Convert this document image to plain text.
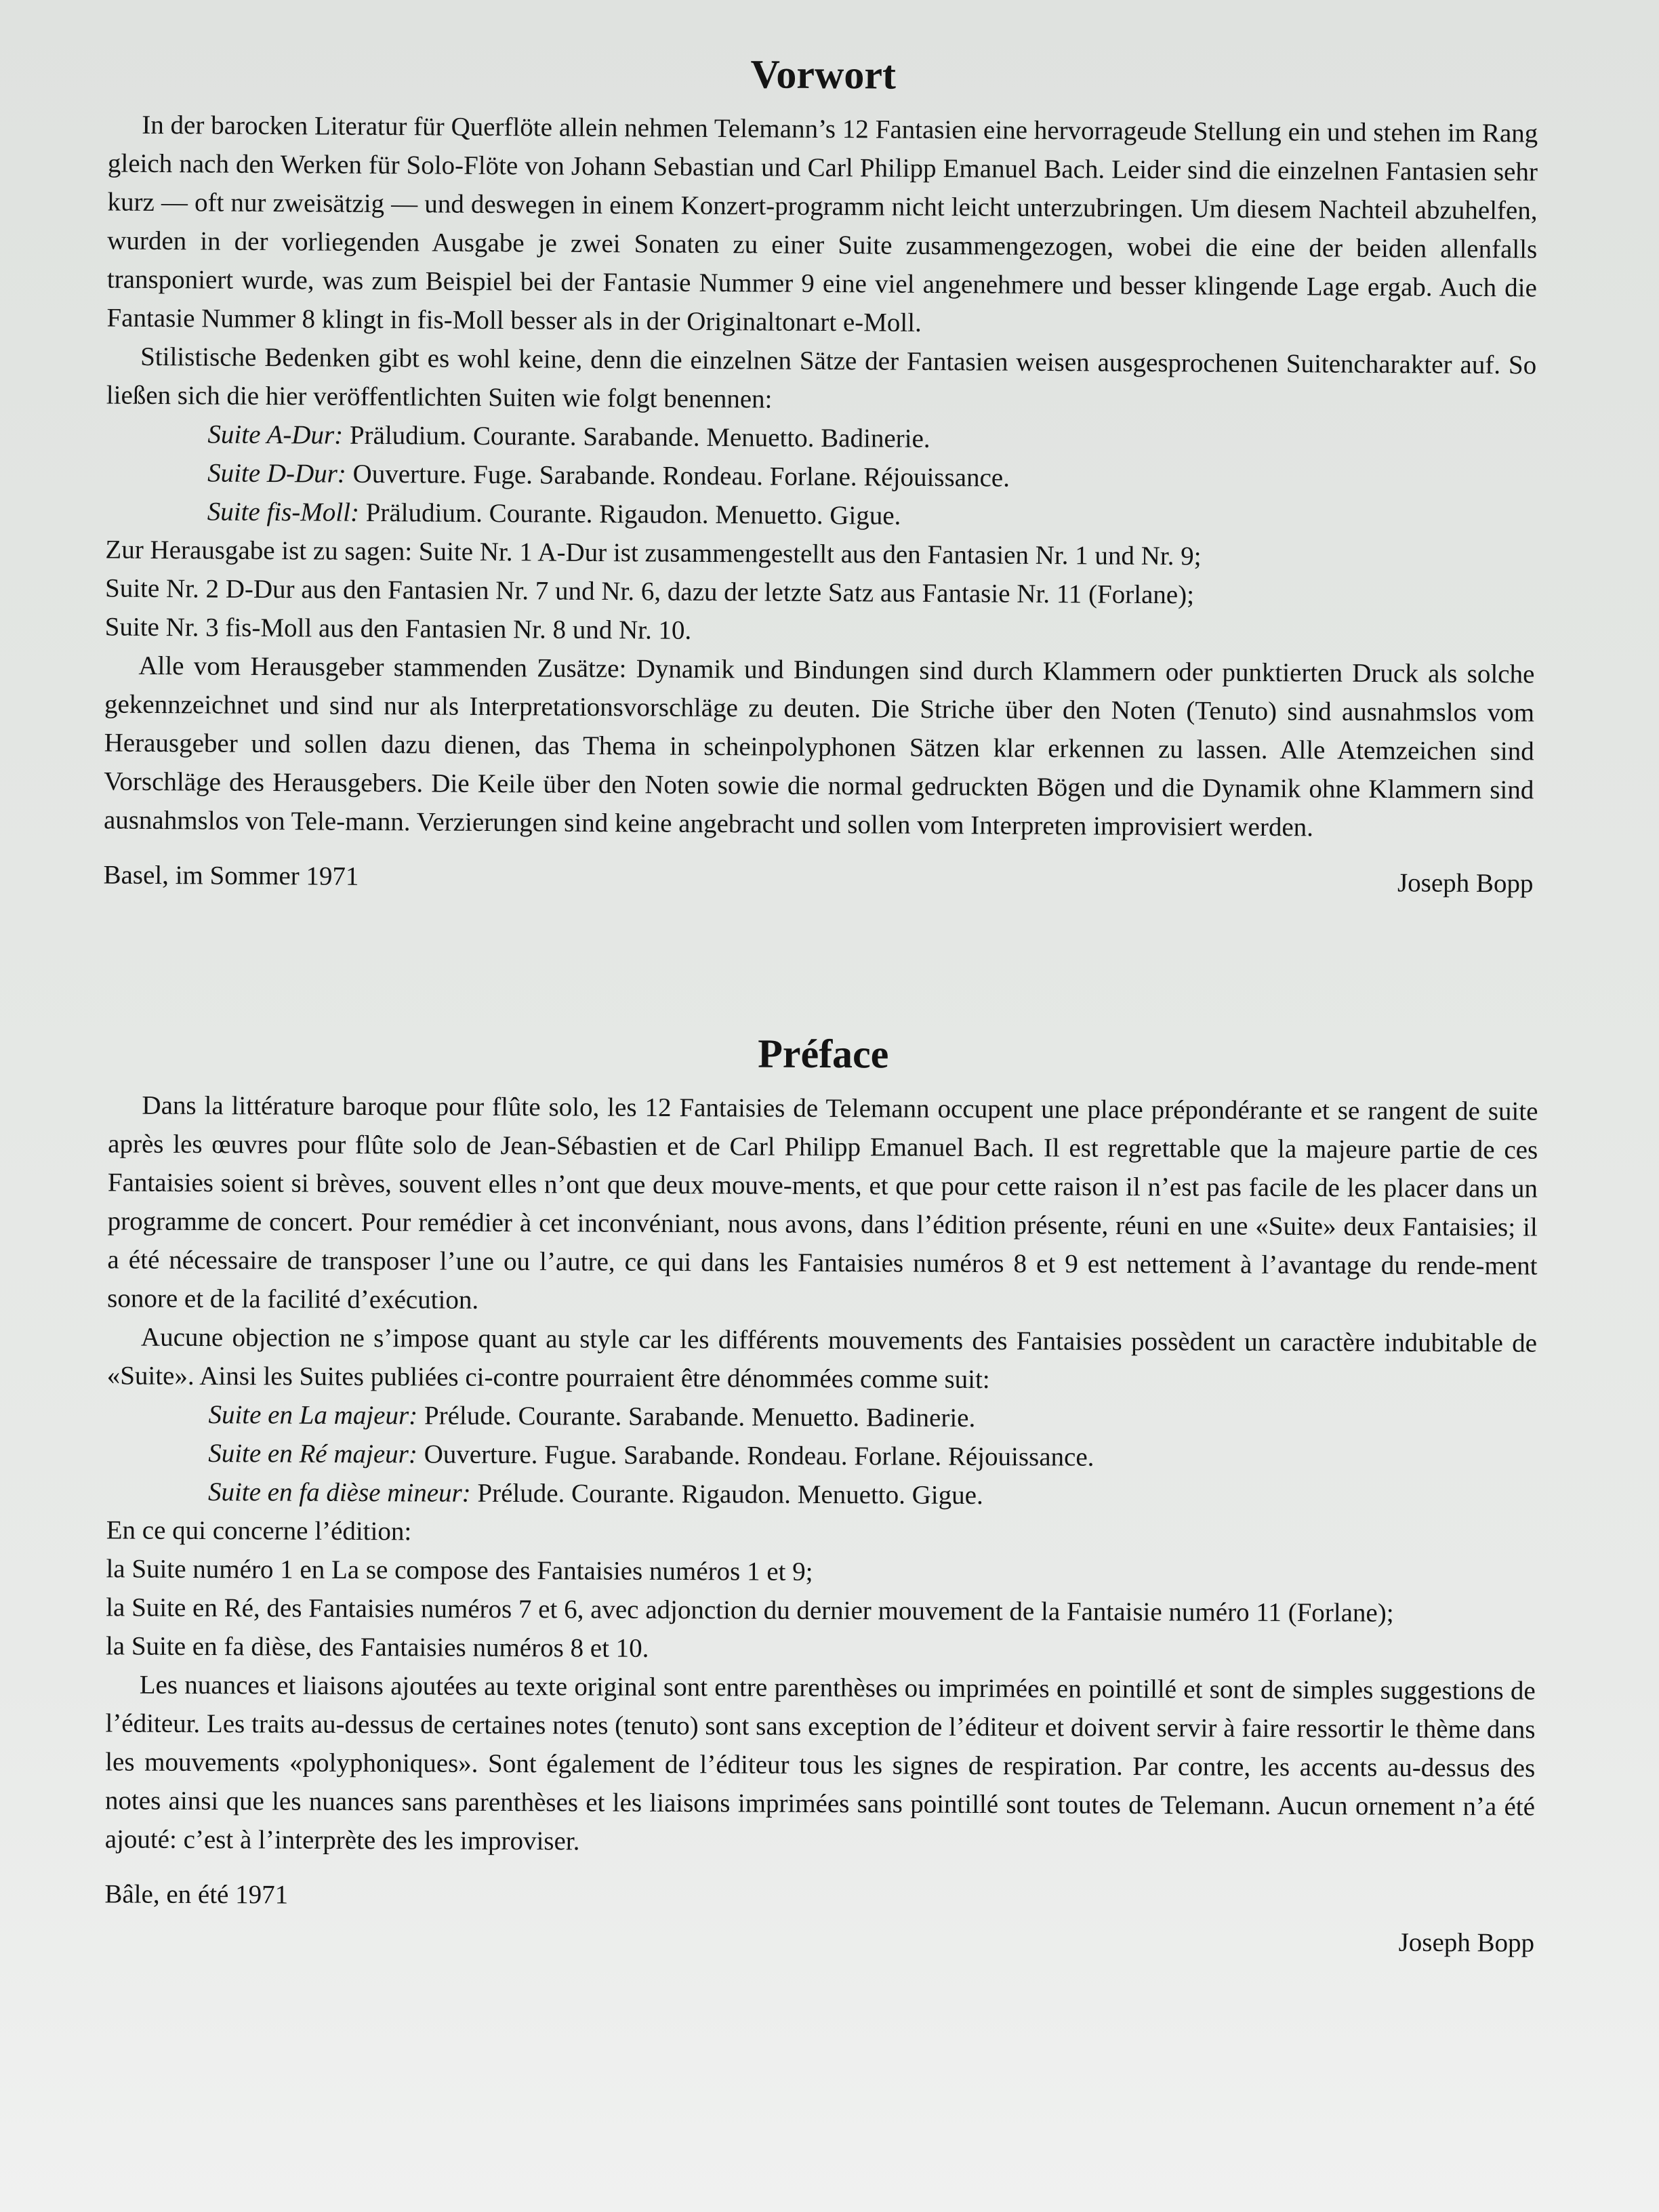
Vorwort

In der barocken Literatur für Querflöte allein nehmen Telemann’s 12 Fantasien eine hervorrageude Stellung ein und stehen im Rang gleich nach den Werken für Solo-Flöte von Johann Sebastian und Carl Philipp Emanuel Bach. Leider sind die einzelnen Fantasien sehr kurz — oft nur zweisätzig — und deswegen in einem Konzert-programm nicht leicht unterzubringen. Um diesem Nachteil abzuhelfen, wurden in der vorliegenden Ausgabe je zwei Sonaten zu einer Suite zusammengezogen, wobei die eine der beiden allenfalls transponiert wurde, was zum Beispiel bei der Fantasie Nummer 9 eine viel angenehmere und besser klingende Lage ergab. Auch die Fantasie Nummer 8 klingt in fis-Moll besser als in der Originaltonart e-Moll.

Stilistische Bedenken gibt es wohl keine, denn die einzelnen Sätze der Fantasien weisen ausgesprochenen Suitencharakter auf. So ließen sich die hier veröffentlichten Suiten wie folgt benennen:

Suite A-Dur: Präludium. Courante. Sarabande. Menuetto. Badinerie.
Suite D-Dur: Ouverture. Fuge. Sarabande. Rondeau. Forlane. Réjouissance.
Suite fis-Moll: Präludium. Courante. Rigaudon. Menuetto. Gigue.
Zur Herausgabe ist zu sagen: Suite Nr. 1 A-Dur ist zusammengestellt aus den Fantasien Nr. 1 und Nr. 9;
Suite Nr. 2 D-Dur aus den Fantasien Nr. 7 und Nr. 6, dazu der letzte Satz aus Fantasie Nr. 11 (Forlane);
Suite Nr. 3 fis-Moll aus den Fantasien Nr. 8 und Nr. 10.

Alle vom Herausgeber stammenden Zusätze: Dynamik und Bindungen sind durch Klammern oder punktierten Druck als solche gekennzeichnet und sind nur als Interpretationsvorschläge zu deuten. Die Striche über den Noten (Tenuto) sind ausnahmslos vom Herausgeber und sollen dazu dienen, das Thema in scheinpolyphonen Sätzen klar erkennen zu lassen. Alle Atemzeichen sind Vorschläge des Herausgebers. Die Keile über den Noten sowie die normal gedruckten Bögen und die Dynamik ohne Klammern sind ausnahmslos von Tele-mann. Verzierungen sind keine angebracht und sollen vom Interpreten improvisiert werden.

Basel, im Sommer 1971	Joseph Bopp
Préface

Dans la littérature baroque pour flûte solo, les 12 Fantaisies de Telemann occupent une place prépondérante et se rangent de suite après les œuvres pour flûte solo de Jean-Sébastien et de Carl Philipp Emanuel Bach. Il est regrettable que la majeure partie de ces Fantaisies soient si brèves, souvent elles n’ont que deux mouve-ments, et que pour cette raison il n’est pas facile de les placer dans un programme de concert. Pour remédier à cet inconvéniant, nous avons, dans l’édition présente, réuni en une «Suite» deux Fantaisies; il a été nécessaire de transposer l’une ou l’autre, ce qui dans les Fantaisies numéros 8 et 9 est nettement à l’avantage du rende-ment sonore et de la facilité d’exécution.

Aucune objection ne s’impose quant au style car les différents mouvements des Fantaisies possèdent un caractère indubitable de «Suite». Ainsi les Suites publiées ci-contre pourraient être dénommées comme suit:

Suite en La majeur: Prélude. Courante. Sarabande. Menuetto. Badinerie.
Suite en Ré majeur: Ouverture. Fugue. Sarabande. Rondeau. Forlane. Réjouissance.
Suite en fa dièse mineur: Prélude. Courante. Rigaudon. Menuetto. Gigue.
En ce qui concerne l’édition:
la Suite numéro 1 en La se compose des Fantaisies numéros 1 et 9;
la Suite en Ré, des Fantaisies numéros 7 et 6, avec adjonction du dernier mouvement de la Fantaisie numéro 11 (Forlane);
la Suite en fa dièse, des Fantaisies numéros 8 et 10.

Les nuances et liaisons ajoutées au texte original sont entre parenthèses ou imprimées en pointillé et sont de simples suggestions de l’éditeur. Les traits au-dessus de certaines notes (tenuto) sont sans exception de l’éditeur et doivent servir à faire ressortir le thème dans les mouvements «polyphoniques». Sont également de l’éditeur tous les signes de respiration. Par contre, les accents au-dessus des notes ainsi que les nuances sans parenthèses et les liaisons imprimées sans pointillé sont toutes de Telemann. Aucun ornement n’a été ajouté: c’est à l’interprète des les improviser.

Bâle, en été 1971
Joseph Bopp
